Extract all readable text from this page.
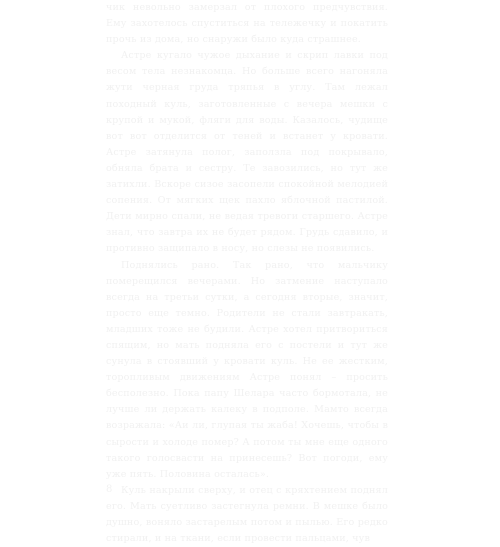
чик невольно замерзал от плохого предчувствия. Ему захотелось спуститься на тележечку и покатить прочь из дома, но снаружи было куда страшнее.

Астре кугало чужое дыхание и скрип лавки под весом тела незнакомца. Но больше всего нагоняла жути черная груда тряпья в углу. Там лежал походный куль, заготовленные с вечера мешки с крупой и мукой, фляги для воды. Казалось, чудище вот вот отделится от теней и встанет у кровати. Астре затянула полог, заползла под покрывало, обняла брата и сестру. Те завозились, но тут же затихли. Вскоре сизое засопели спокойной мелодией сопения. От мягких щек пахло яблочной пастилой. Дети мирно спали, не ведая тревоги старшего. Астре знал, что завтра их не будет рядом. Грудь сдавило, и противно защипало в носу, но слезы не появились.

Поднялись рано. Так рано, что мальчику померещился вечерами. Но затмение наступало всегда на третьи сутки, а сегодня вторые, значит, просто еще темно. Родители не стали завтракать, младших тоже не будили. Астре хотел притвориться спящим, но мать подняла его с постели и тут же сунула в стоявший у кровати куль. Не ее жестким, торопливым движениям Астре понял – просить бесполезно. Пока папу Шелара часто бормотала, не лучше ли держать калеку в подполе. Мамто всегда возражала: «Аи ли, глупая ты жаба! Хочешь, чтобы в сырости и холоде помер? А потом ты мне еще одного такого голосвасти на принесешь? Вот погоди, ему уже пять. Половина осталась».

Куль накрыли сверху, и отец с кряхтением поднял его. Мать суетливо застегнула ремни. В мешке было душно, воняло застарелым потом и пылью. Его редко стирали, и на ткани, если провести пальцами, чув

8
